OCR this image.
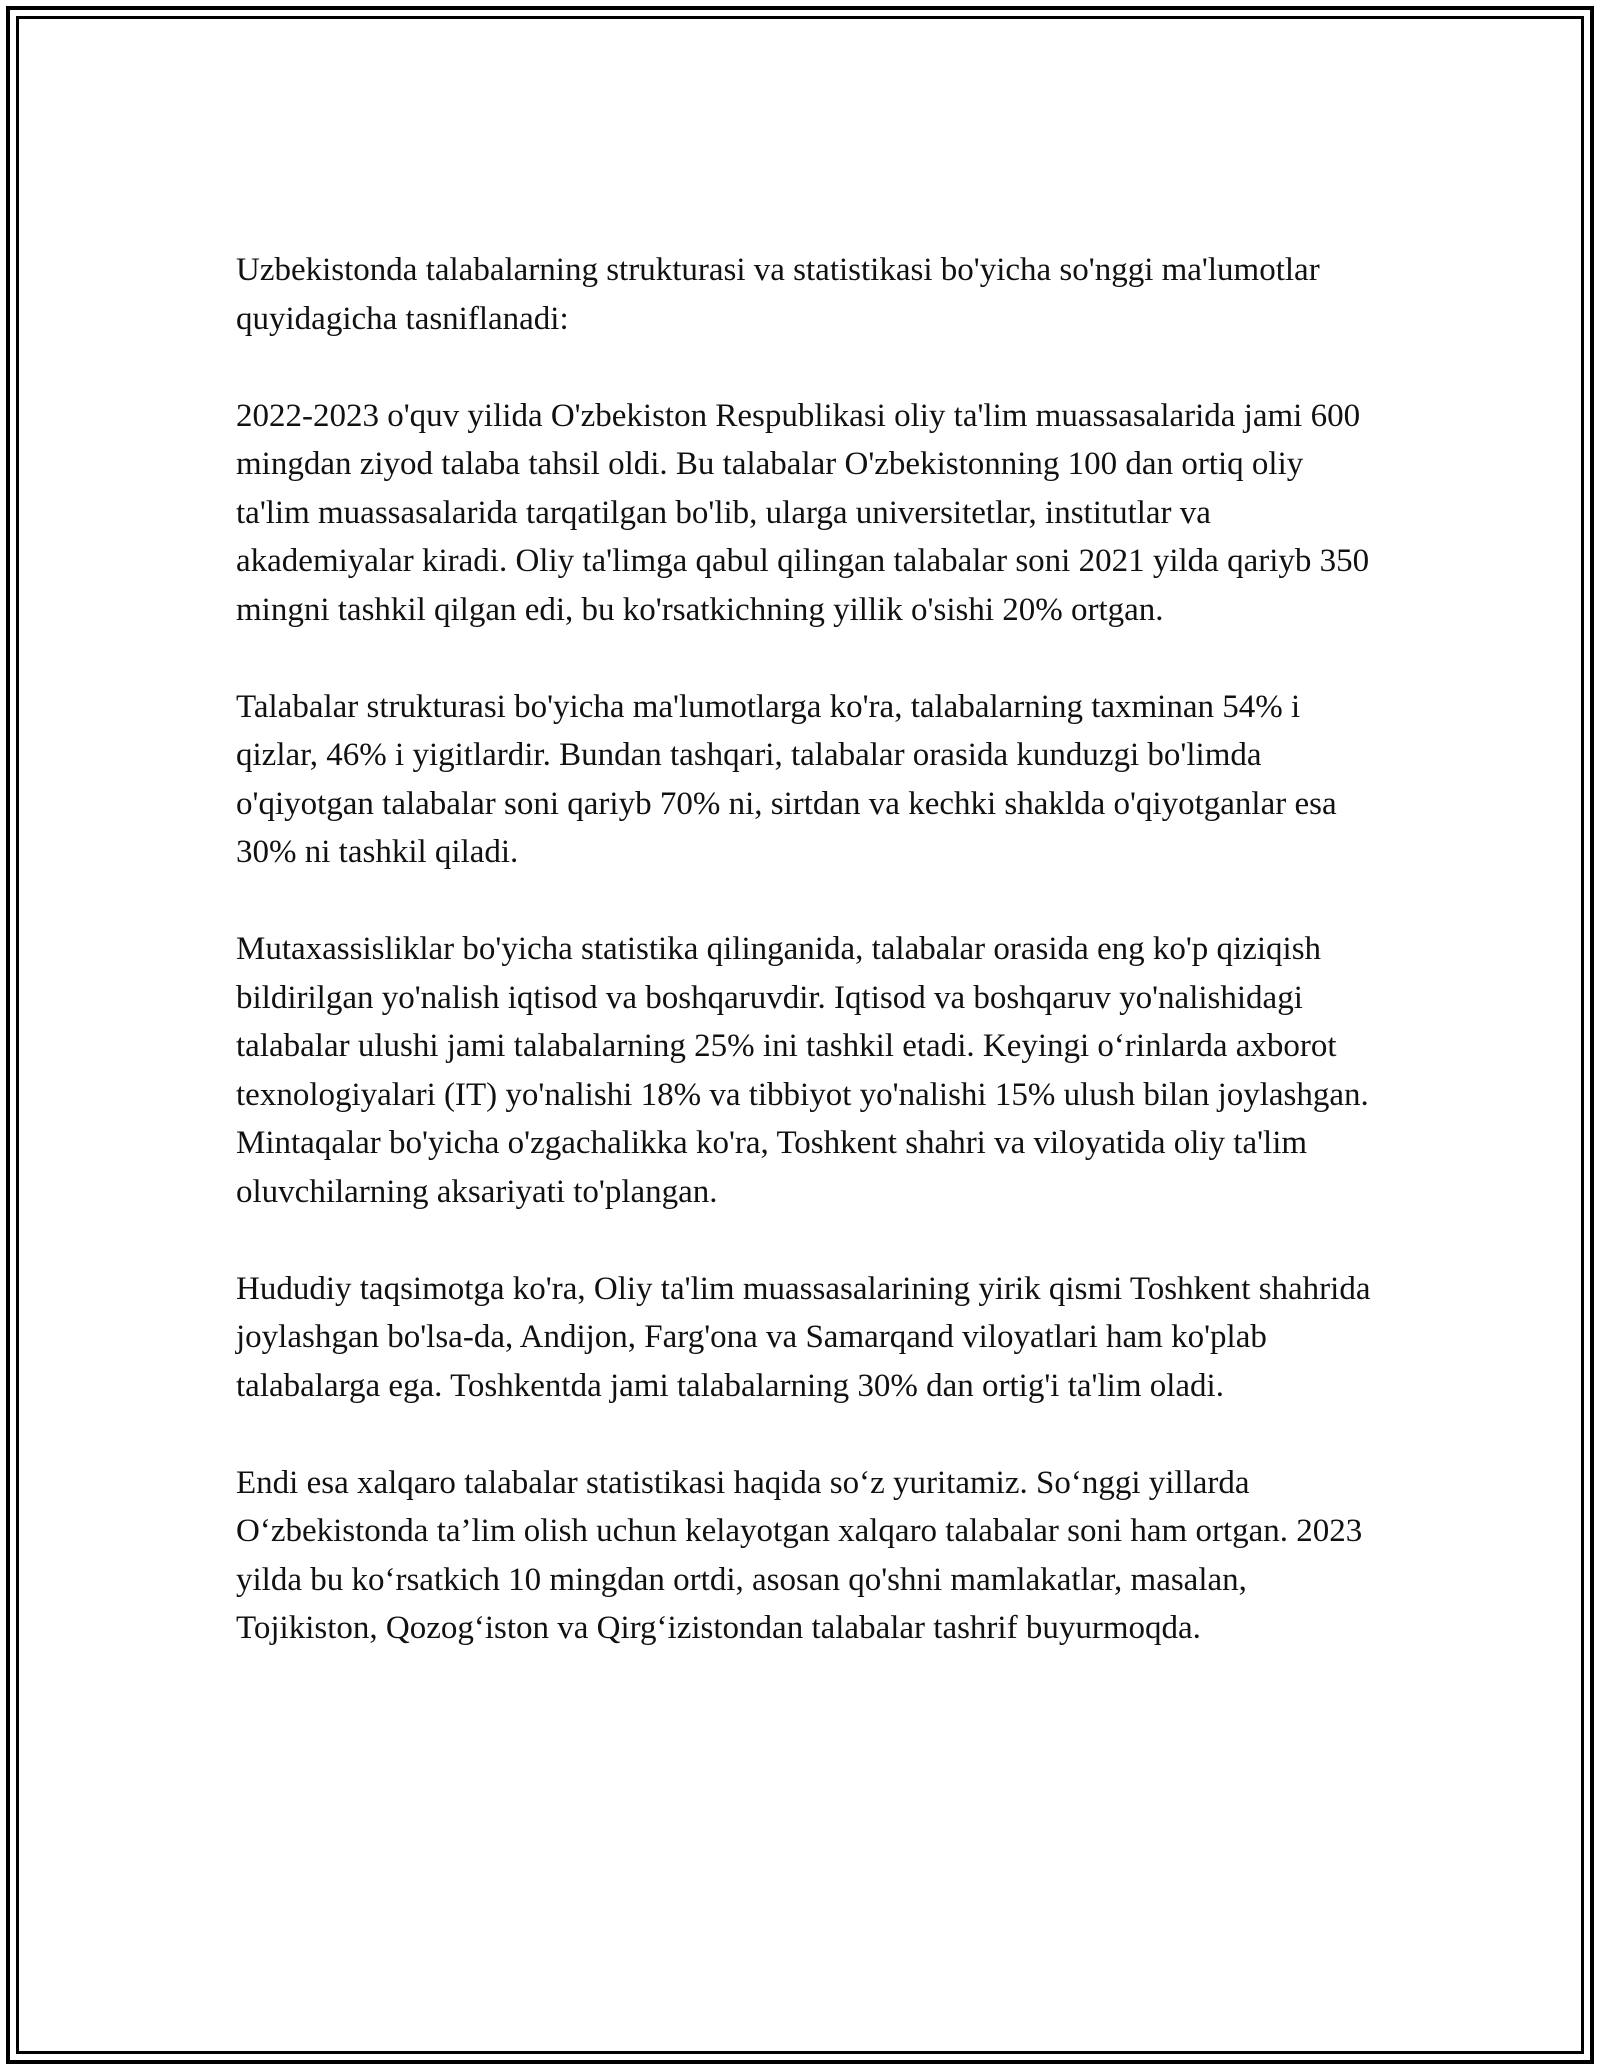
Uzbekistonda talabalarning strukturasi va statistikasi bo'yicha so'nggi ma'lumotlar quyidagicha tasniflanadi:

2022-2023 o'quv yilida O'zbekiston Respublikasi oliy ta'lim muassasalarida jami 600 mingdan ziyod talaba tahsil oldi. Bu talabalar O'zbekistonning 100 dan ortiq oliy ta'lim muassasalarida tarqatilgan bo'lib, ularga universitetlar, institutlar va akademiyalar kiradi. Oliy ta'limga qabul qilingan talabalar soni 2021 yilda qariyb 350 mingni tashkil qilgan edi, bu ko'rsatkichning yillik o'sishi 20% ortgan.

Talabalar strukturasi bo'yicha ma'lumotlarga ko'ra, talabalarning taxminan 54% i qizlar, 46% i yigitlardir. Bundan tashqari, talabalar orasida kunduzgi bo'limda o'qiyotgan talabalar soni qariyb 70% ni, sirtdan va kechki shaklda o'qiyotganlar esa 30% ni tashkil qiladi.

Mutaxassisliklar bo'yicha statistika qilinganida, talabalar orasida eng ko'p qiziqish bildirilgan yo'nalish iqtisod va boshqaruvdir. Iqtisod va boshqaruv yo'nalishidagi talabalar ulushi jami talabalarning 25% ini tashkil etadi. Keyingi o‘rinlarda axborot texnologiyalari (IT) yo'nalishi 18% va tibbiyot yo'nalishi 15% ulush bilan joylashgan. Mintaqalar bo'yicha o'zgachalikka ko'ra, Toshkent shahri va viloyatida oliy ta'lim oluvchilarning aksariyati to'plangan.

Hududiy taqsimotga ko'ra, Oliy ta'lim muassasalarining yirik qismi Toshkent shahrida joylashgan bo'lsa-da, Andijon, Farg'ona va Samarqand viloyatlari ham ko'plab talabalarga ega. Toshkentda jami talabalarning 30% dan ortig'i ta'lim oladi.

Endi esa xalqaro talabalar statistikasi haqida so‘z yuritamiz. So‘nggi yillarda O‘zbekistonda ta’lim olish uchun kelayotgan xalqaro talabalar soni ham ortgan. 2023 yilda bu ko‘rsatkich 10 mingdan ortdi, asosan qo'shni mamlakatlar, masalan, Tojikiston, Qozog‘iston va Qirg‘izistondan talabalar tashrif buyurmoqda.
